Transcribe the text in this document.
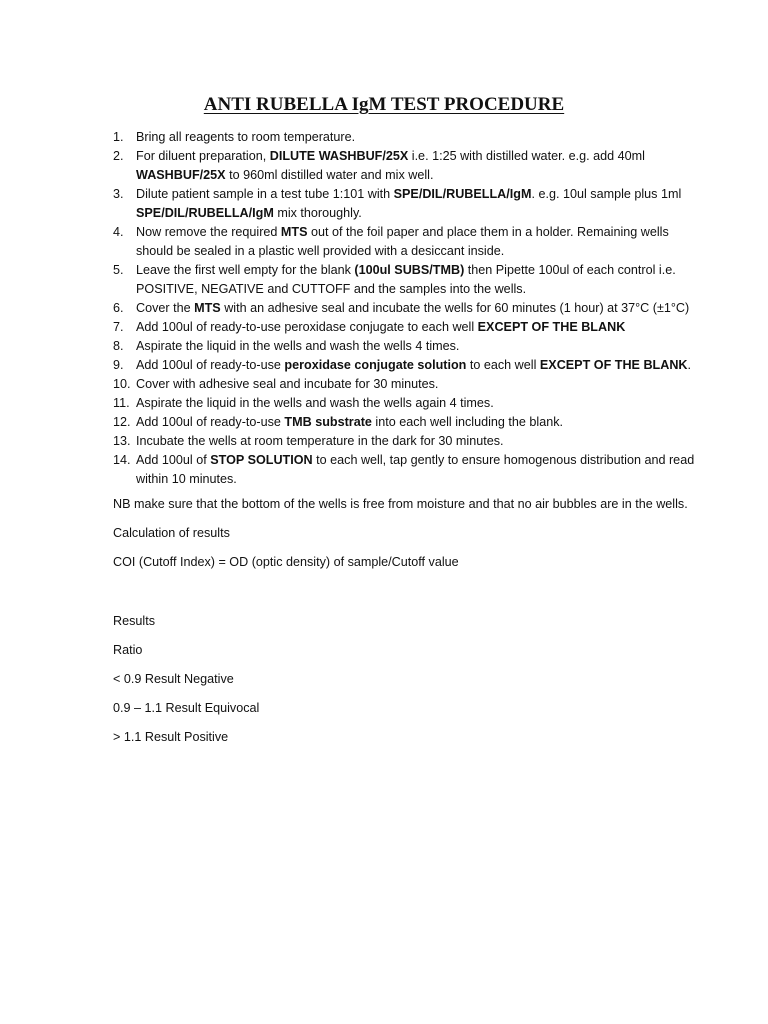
ANTI RUBELLA IgM TEST PROCEDURE
1. Bring all reagents to room temperature.
2. For diluent preparation, DILUTE WASHBUF/25X i.e. 1:25 with distilled water. e.g. add 40ml WASHBUF/25X to 960ml distilled water and mix well.
3. Dilute patient sample in a test tube 1:101 with SPE/DIL/RUBELLA/IgM. e.g. 10ul sample plus 1ml SPE/DIL/RUBELLA/IgM mix thoroughly.
4. Now remove the required MTS out of the foil paper and place them in a holder. Remaining wells should be sealed in a plastic well provided with a desiccant inside.
5. Leave the first well empty for the blank (100ul SUBS/TMB) then Pipette 100ul of each control i.e. POSITIVE, NEGATIVE and CUTTOFF and the samples into the wells.
6. Cover the MTS with an adhesive seal and incubate the wells for 60 minutes (1 hour) at 37°C (±1°C)
7. Add 100ul of ready-to-use peroxidase conjugate to each well EXCEPT OF THE BLANK
8. Aspirate the liquid in the wells and wash the wells 4 times.
9. Add 100ul of ready-to-use peroxidase conjugate solution to each well EXCEPT OF THE BLANK.
10. Cover with adhesive seal and incubate for 30 minutes.
11. Aspirate the liquid in the wells and wash the wells again 4 times.
12. Add 100ul of ready-to-use TMB substrate into each well including the blank.
13. Incubate the wells at room temperature in the dark for 30 minutes.
14. Add 100ul of STOP SOLUTION to each well, tap gently to ensure homogenous distribution and read within 10 minutes.

NB make sure that the bottom of the wells is free from moisture and that no air bubbles are in the wells.

Calculation of results

COI (Cutoff Index) = OD (optic density) of sample/Cutoff value

Results

Ratio

< 0.9 Result Negative

0.9 – 1.1 Result Equivocal

> 1.1 Result Positive
